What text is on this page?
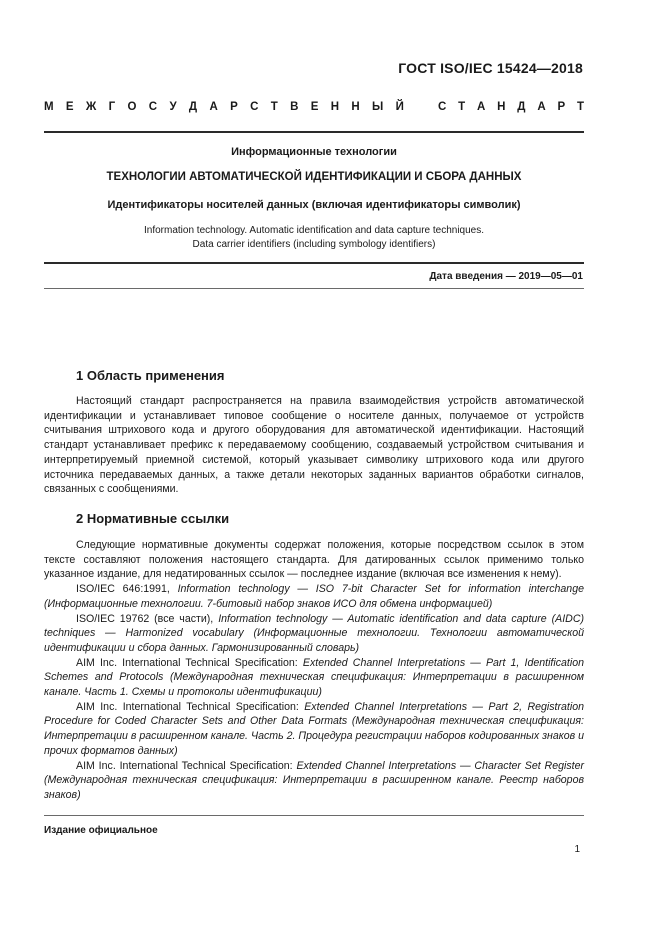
ГОСТ ISO/IEC 15424—2018
М Е Ж Г О С У Д А Р С Т В Е Н Н Ы Й	С Т А Н Д А Р Т
Информационные технологии
ТЕХНОЛОГИИ АВТОМАТИЧЕСКОЙ ИДЕНТИФИКАЦИИ И СБОРА ДАННЫХ
Идентификаторы носителей данных (включая идентификаторы символик)
Information technology. Automatic identification and data capture techniques.
Data carrier identifiers (including symbology identifiers)
Дата введения — 2019—05—01
1 Область применения

Настоящий стандарт распространяется на правила взаимодействия устройств автоматической идентификации и устанавливает типовое сообщение о носителе данных, получаемое от устройств считывания штрихового кода и другого оборудования для автоматической идентификации. Настоящий стандарт устанавливает префикс к передаваемому сообщению, создаваемый устройством считывания и интерпретируемый приемной системой, который указывает символику штрихового кода или другого источника передаваемых данных, а также детали некоторых заданных вариантов обработки сигналов, связанных с сообщениями.

2 Нормативные ссылки

Следующие нормативные документы содержат положения, которые посредством ссылок в этом тексте составляют положения настоящего стандарта. Для датированных ссылок применимо только указанное издание, для недатированных ссылок — последнее издание (включая все изменения к нему).

ISO/IEC 646:1991, Information technology — ISO 7-bit Character Set for information interchange (Информационные технологии. 7-битовый набор знаков ИСО для обмена информацией)

ISO/IEC 19762 (все части), Information technology — Automatic identification and data capture (AIDC) techniques — Harmonized vocabulary (Информационные технологии. Технологии автоматической идентификации и сбора данных. Гармонизированный словарь)

AIM Inc. International Technical Specification: Extended Channel Interpretations — Part 1, Identification Schemes and Protocols (Международная техническая спецификация: Интерпретации в расширенном канале. Часть 1. Схемы и протоколы идентификации)

AIM Inc. International Technical Specification: Extended Channel Interpretations — Part 2, Registration Procedure for Coded Character Sets and Other Data Formats (Международная техническая спецификация: Интерпретации в расширенном канале. Часть 2. Процедура регистрации наборов кодированных знаков и прочих форматов данных)

AIM Inc. International Technical Specification: Extended Channel Interpretations — Character Set Register (Международная техническая спецификация: Интерпретации в расширенном канале. Реестр наборов знаков)

Издание официальное
1
